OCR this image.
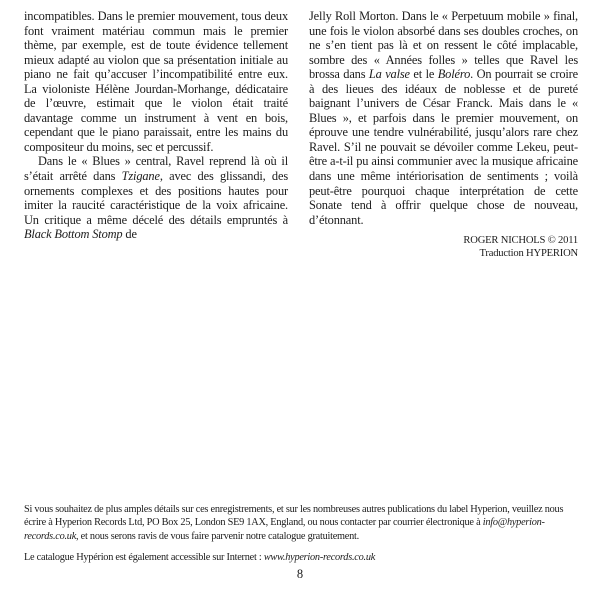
incompatibles. Dans le premier mouvement, tous deux font vraiment matériau commun mais le premier thème, par exemple, est de toute évidence tellement mieux adapté au violon que sa présentation initiale au piano ne fait qu’accuser l’incompatibilité entre eux. La violoniste Hélène Jourdan-Morhange, dédicataire de l’œuvre, estimait que le violon était traité davantage comme un instrument à vent en bois, cependant que le piano paraissait, entre les mains du compositeur du moins, sec et percussif.

Dans le « Blues » central, Ravel reprend là où il s’était arrêté dans Tzigane, avec des glissandi, des ornements complexes et des positions hautes pour imiter la raucité caractéristique de la voix africaine. Un critique a même décelé des détails empruntés à Black Bottom Stomp de

Jelly Roll Morton. Dans le « Perpetuum mobile » final, une fois le violon absorbé dans ses doubles croches, on ne s’en tient pas là et on ressent le côté implacable, sombre des « Années folles » telles que Ravel les brossa dans La valse et le Boléro. On pourrait se croire à des lieues des idéaux de noblesse et de pureté baignant l’univers de César Franck. Mais dans le « Blues », et parfois dans le premier mouvement, on éprouve une tendre vulnérabilité, jusqu’alors rare chez Ravel. S’il ne pouvait se dévoiler comme Lekeu, peut-être a-t-il pu ainsi communier avec la musique africaine dans une même intériorisation de sentiments ; voilà peut-être pourquoi chaque interprétation de cette Sonate tend à offrir quelque chose de nouveau, d’étonnant.

ROGER NICHOLS © 2011
Traduction HYPERION

Si vous souhaitez de plus amples détails sur ces enregistrements, et sur les nombreuses autres publications du label Hyperion, veuillez nous écrire à Hyperion Records Ltd, PO Box 25, London SE9 1AX, England, ou nous contacter par courrier électronique à info@hyperion-records.co.uk, et nous serons ravis de vous faire parvenir notre catalogue gratuitement.

Le catalogue Hypérion est également accessible sur Internet : www.hyperion-records.co.uk

8
